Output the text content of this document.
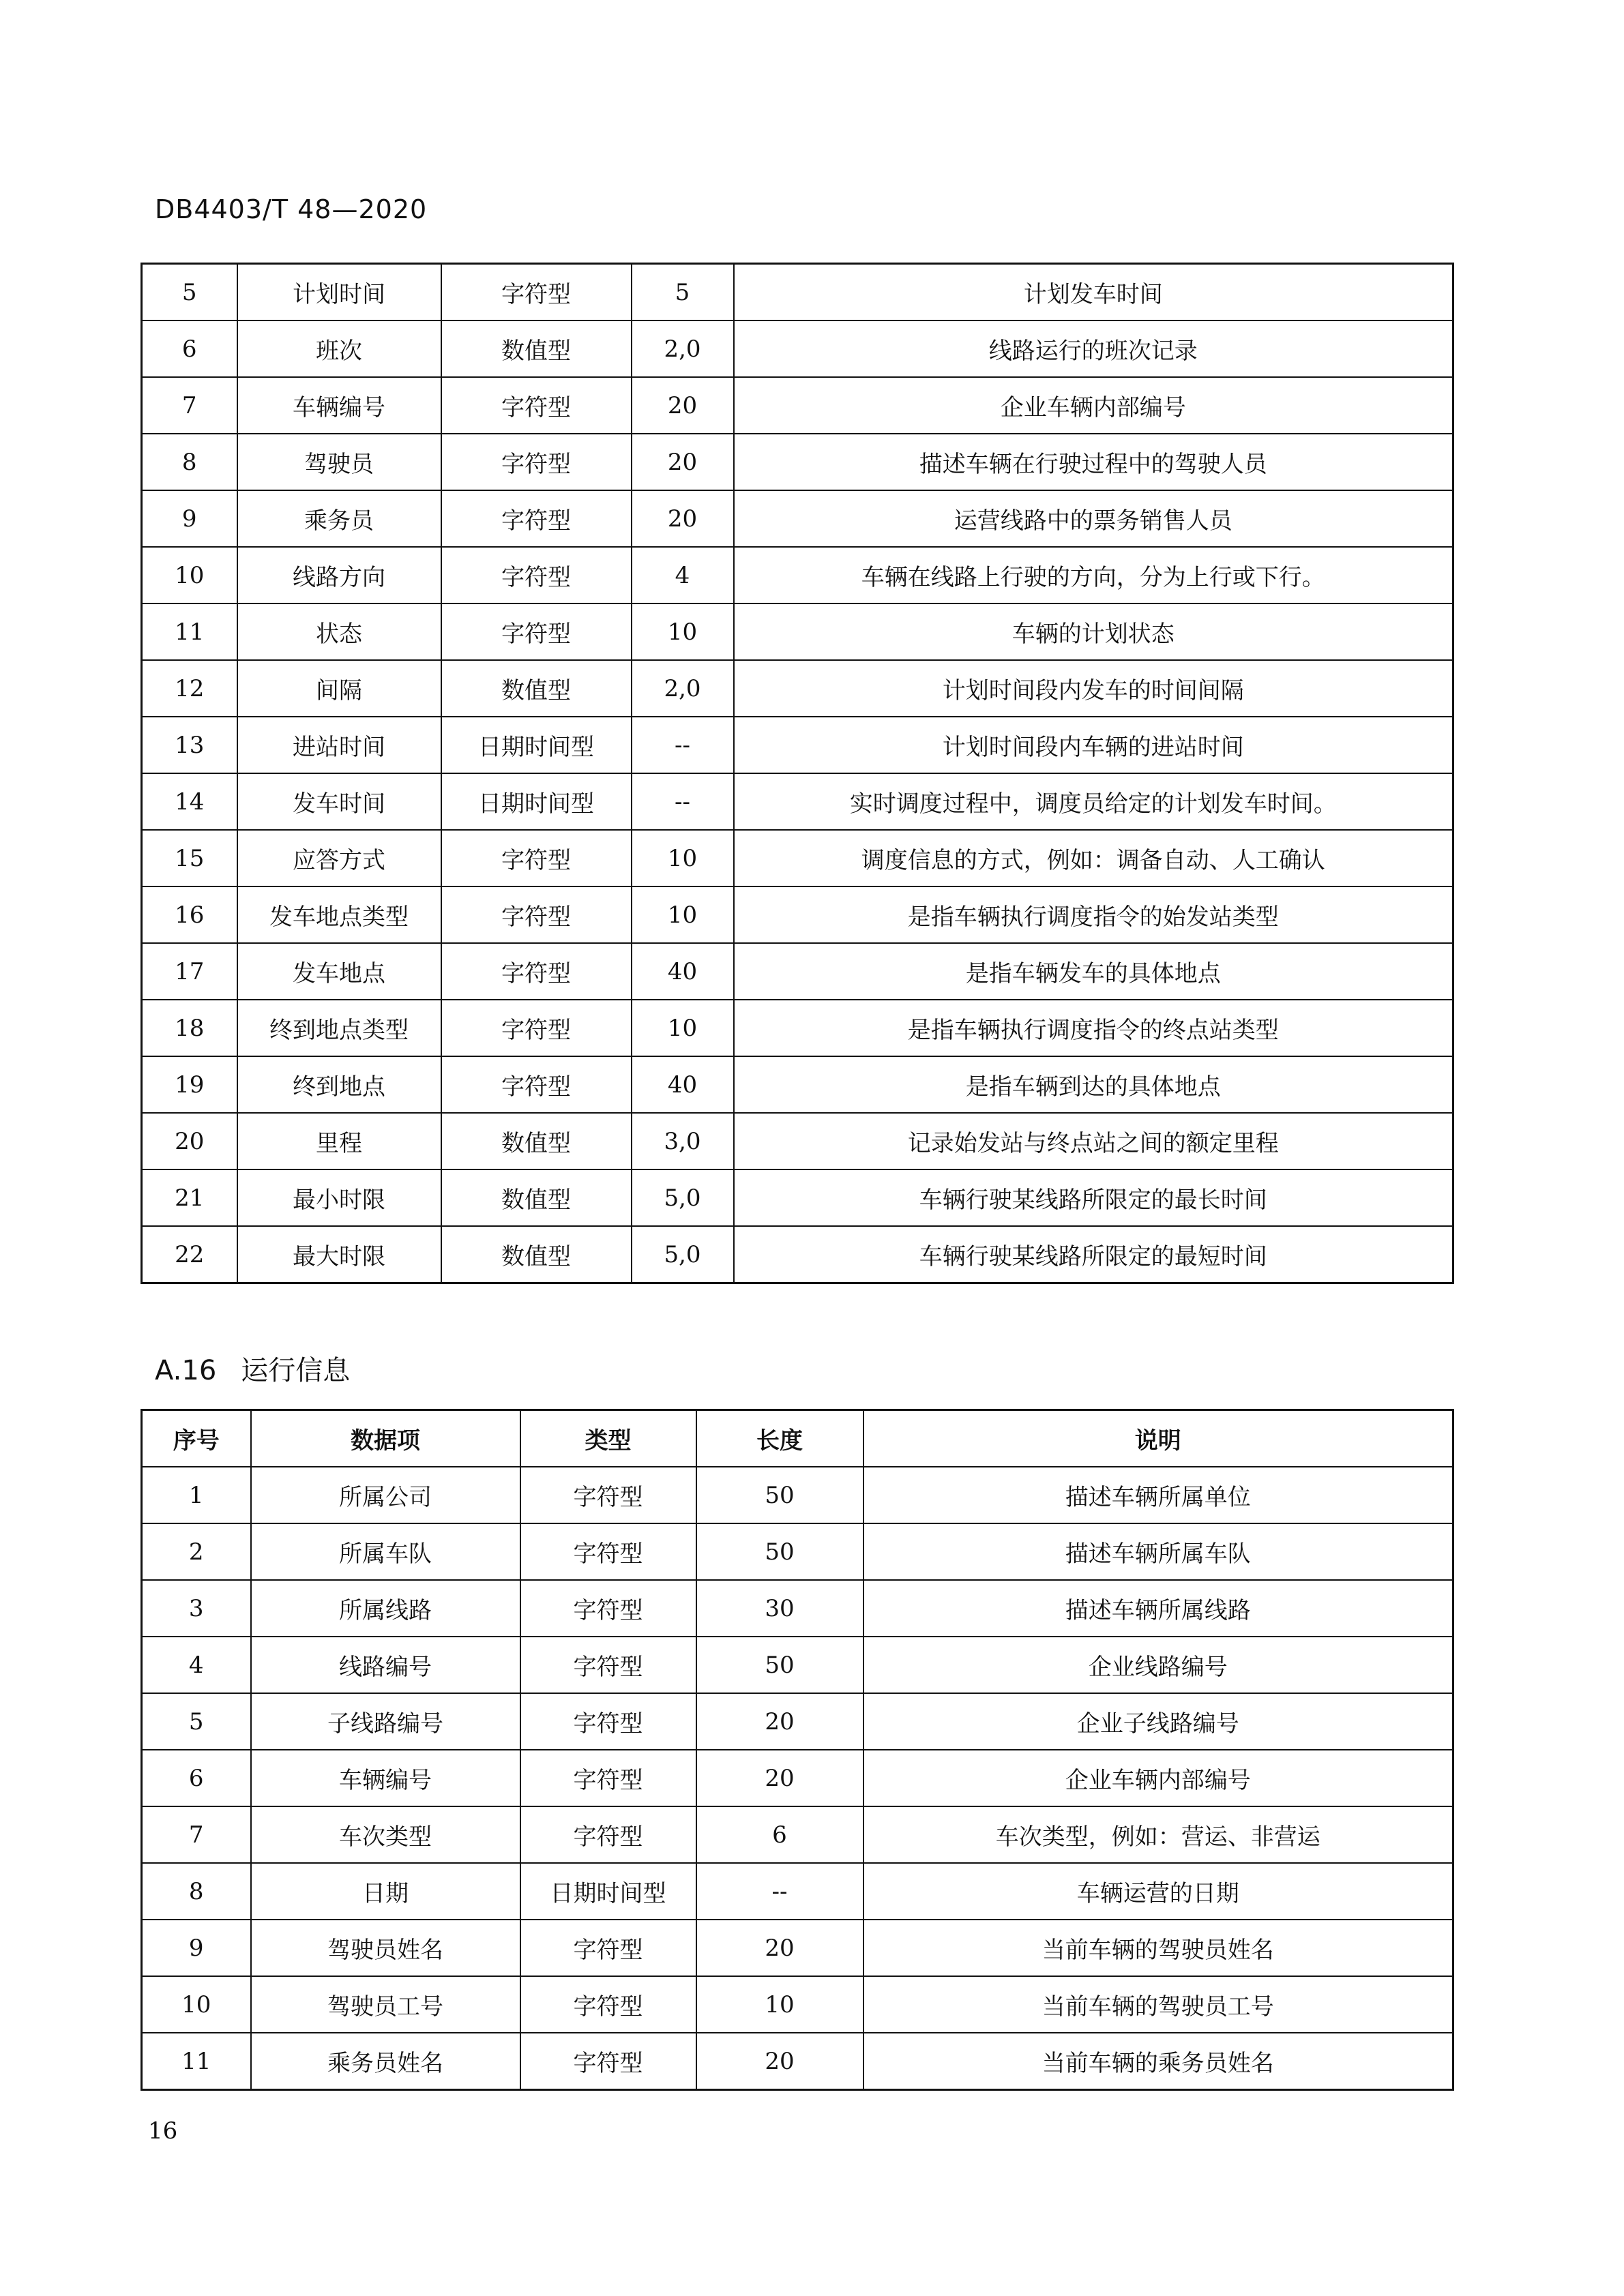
DB4403/T 48—2020
5	计划时间	字符型	5	计划发车时间
6	班次	数值型	2,0	线路运行的班次记录
7	车辆编号	字符型	20	企业车辆内部编号
8	驾驶员	字符型	20	描述车辆在行驶过程中的驾驶人员
9	乘务员	字符型	20	运营线路中的票务销售人员
10	线路方向	字符型	4	车辆在线路上行驶的方向，分为上行或下行。
11	状态	字符型	10	车辆的计划状态
12	间隔	数值型	2,0	计划时间段内发车的时间间隔
13	进站时间	日期时间型	--	计划时间段内车辆的进站时间
14	发车时间	日期时间型	--	实时调度过程中，调度员给定的计划发车时间。
15	应答方式	字符型	10	调度信息的方式，例如：调备自动、人工确认
16	发车地点类型	字符型	10	是指车辆执行调度指令的始发站类型
17	发车地点	字符型	40	是指车辆发车的具体地点
18	终到地点类型	字符型	10	是指车辆执行调度指令的终点站类型
19	终到地点	字符型	40	是指车辆到达的具体地点
20	里程	数值型	3,0	记录始发站与终点站之间的额定里程
21	最小时限	数值型	5,0	车辆行驶某线路所限定的最长时间
22	最大时限	数值型	5,0	车辆行驶某线路所限定的最短时间
A.16 运行信息
序号	数据项	类型	长度	说明
1	所属公司	字符型	50	描述车辆所属单位
2	所属车队	字符型	50	描述车辆所属车队
3	所属线路	字符型	30	描述车辆所属线路
4	线路编号	字符型	50	企业线路编号
5	子线路编号	字符型	20	企业子线路编号
6	车辆编号	字符型	20	企业车辆内部编号
7	车次类型	字符型	6	车次类型，例如：营运、非营运
8	日期	日期时间型	--	车辆运营的日期
9	驾驶员姓名	字符型	20	当前车辆的驾驶员姓名
10	驾驶员工号	字符型	10	当前车辆的驾驶员工号
11	乘务员姓名	字符型	20	当前车辆的乘务员姓名
16
